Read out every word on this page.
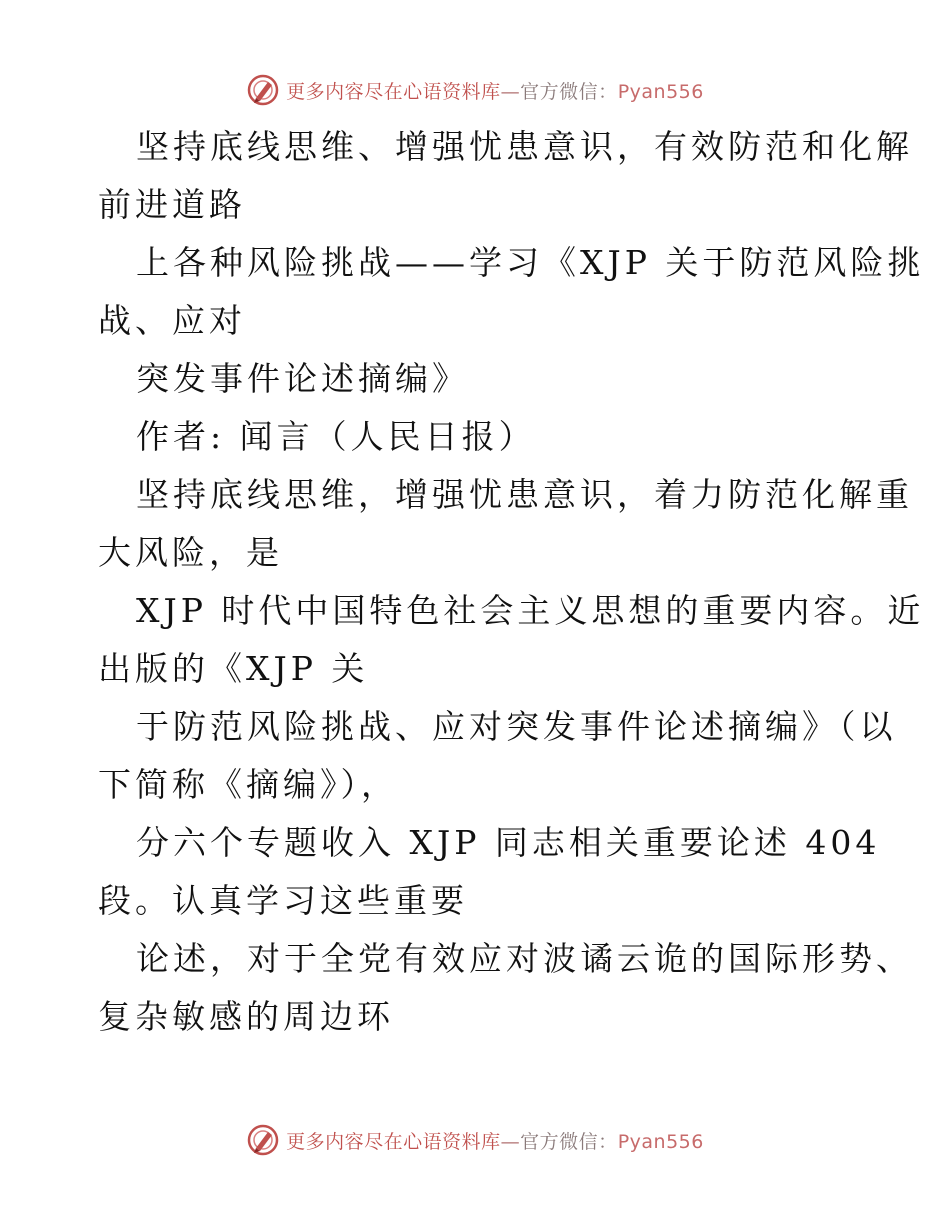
更多内容尽在心语资料库—官方微信：Pyan556
坚持底线思维、增强忧患意识，有效防范和化解
前进道路
上各种风险挑战——学习《XJP 关于防范风险挑
战、应对
突发事件论述摘编》
作者: 闻言（人民日报）
坚持底线思维，增强忧患意识，着力防范化解重
大风险，是
XJP 时代中国特色社会主义思想的重要内容。近
出版的《XJP 关
于防范风险挑战、应对突发事件论述摘编》（以
下简称《摘编》），
分六个专题收入 XJP 同志相关重要论述 404
段。认真学习这些重要
论述，对于全党有效应对波谲云诡的国际形势、
复杂敏感的周边环
更多内容尽在心语资料库—官方微信：Pyan556
